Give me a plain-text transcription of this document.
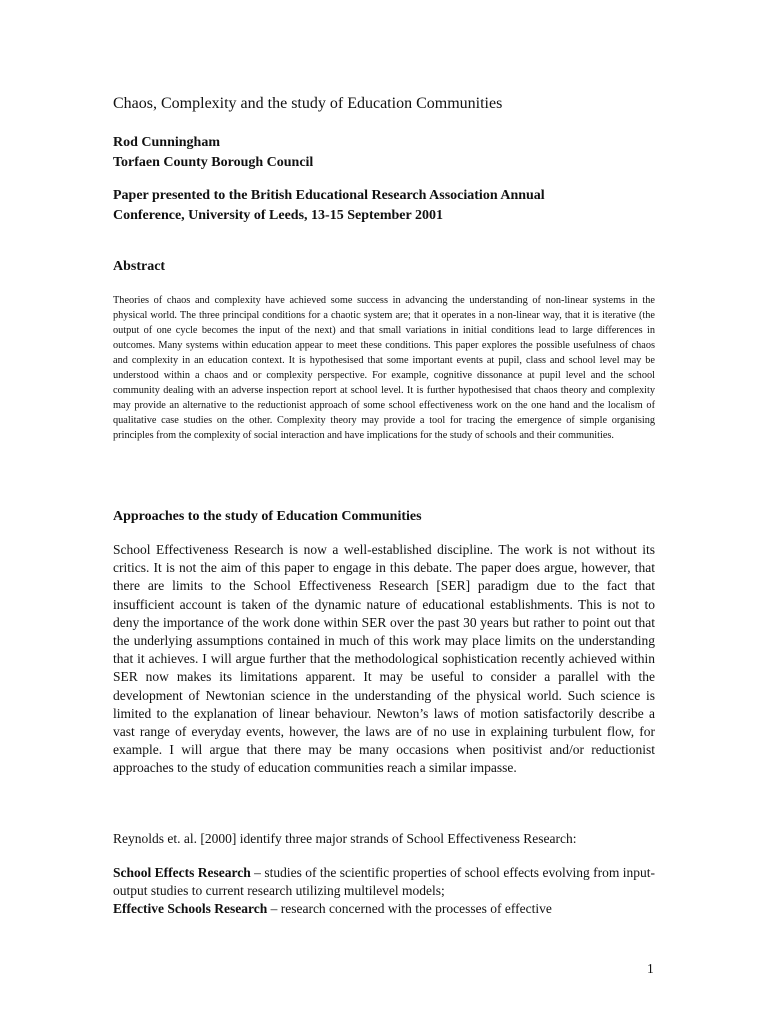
Chaos, Complexity and the study of Education Communities
Rod Cunningham
Torfaen County Borough Council
Paper presented to the British Educational Research Association Annual
Conference, University of Leeds, 13-15 September 2001
Abstract

Theories of chaos and complexity have achieved some success in advancing the understanding of non-linear systems in the physical world. The three principal conditions for a chaotic system are; that it operates in a non-linear way, that it is iterative (the output of one cycle becomes the input of the next) and that small variations in initial conditions lead to large differences in outcomes. Many systems within education appear to meet these conditions. This paper explores the possible usefulness of chaos and complexity in an education context. It is hypothesised that some important events at pupil, class and school level may be understood within a chaos and or complexity perspective. For example, cognitive dissonance at pupil level and the school community dealing with an adverse inspection report at school level. It is further hypothesised that chaos theory and complexity may provide an alternative to the reductionist approach of some school effectiveness work on the one hand and the localism of qualitative case studies on the other. Complexity theory may provide a tool for tracing the emergence of simple organising principles from the complexity of social interaction and have implications for the study of schools and their communities.

Approaches to the study of Education Communities

School Effectiveness Research is now a well-established discipline. The work is not without its critics. It is not the aim of this paper to engage in this debate. The paper does argue, however, that there are limits to the School Effectiveness Research [SER] paradigm due to the fact that insufficient account is taken of the dynamic nature of educational establishments. This is not to deny the importance of the work done within SER over the past 30 years but rather to point out that the underlying assumptions contained in much of this work may place limits on the understanding that it achieves. I will argue further that the methodological sophistication recently achieved within SER now makes its limitations apparent. It may be useful to consider a parallel with the development of Newtonian science in the understanding of the physical world. Such science is limited to the explanation of linear behaviour. Newton’s laws of motion satisfactorily describe a vast range of everyday events, however, the laws are of no use in explaining turbulent flow, for example. I will argue that there may be many occasions when positivist and/or reductionist approaches to the study of education communities reach a similar impasse.

Reynolds et. al. [2000] identify three major strands of School Effectiveness Research:

School Effects Research – studies of the scientific properties of school effects evolving from input-output studies to current research utilizing multilevel models;

Effective Schools Research – research concerned with the processes of effective

1
